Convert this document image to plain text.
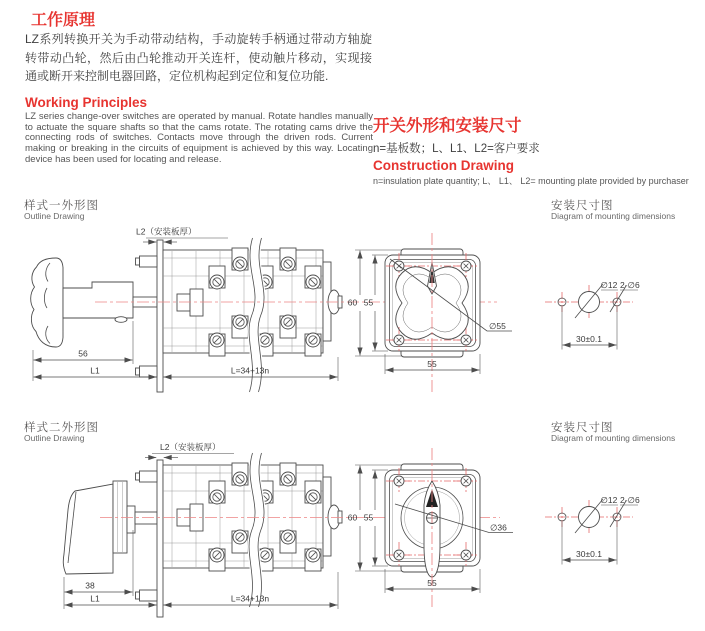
工作原理
LZ系列转换开关为手动带动结构，手动旋转手柄通过带动方轴旋转带动凸轮，然后由凸轮推动开关连杆，使动触片移动，实现接通或断开来控制电器回路，定位机构起到定位和复位功能.
Working Principles
LZ series change-over switches are operated by manual. Rotate handles manually to actuate the square shafts so that the cams rotate. The rotating cams drive the connecting rods of switches. Contacts move through the driven rods. Current making or breaking in the circuits of equipment is achieved by this way. Locating device has been used for locating and release.
开关外形和安装尺寸
n=基板数；L、L1、L2=客户要求
Construction Drawing
n=insulation plate quantity; L、 L1、 L2= mounting plate provided by purchaser
样式一外形图
Outline Drawing
安装尺寸图
Diagram of mounting dimensions
样式二外形图
Outline Drawing
安装尺寸图
Diagram of mounting dimensions
L2（安装板厚）
56
L1	L=34+13n
∅55
60 55
55
∅12 2-∅6
30±0.1
L2（安装板厚）
38
L1	L=34+13n
∅36
60 55
55
∅12 2-∅6
30±0.1
